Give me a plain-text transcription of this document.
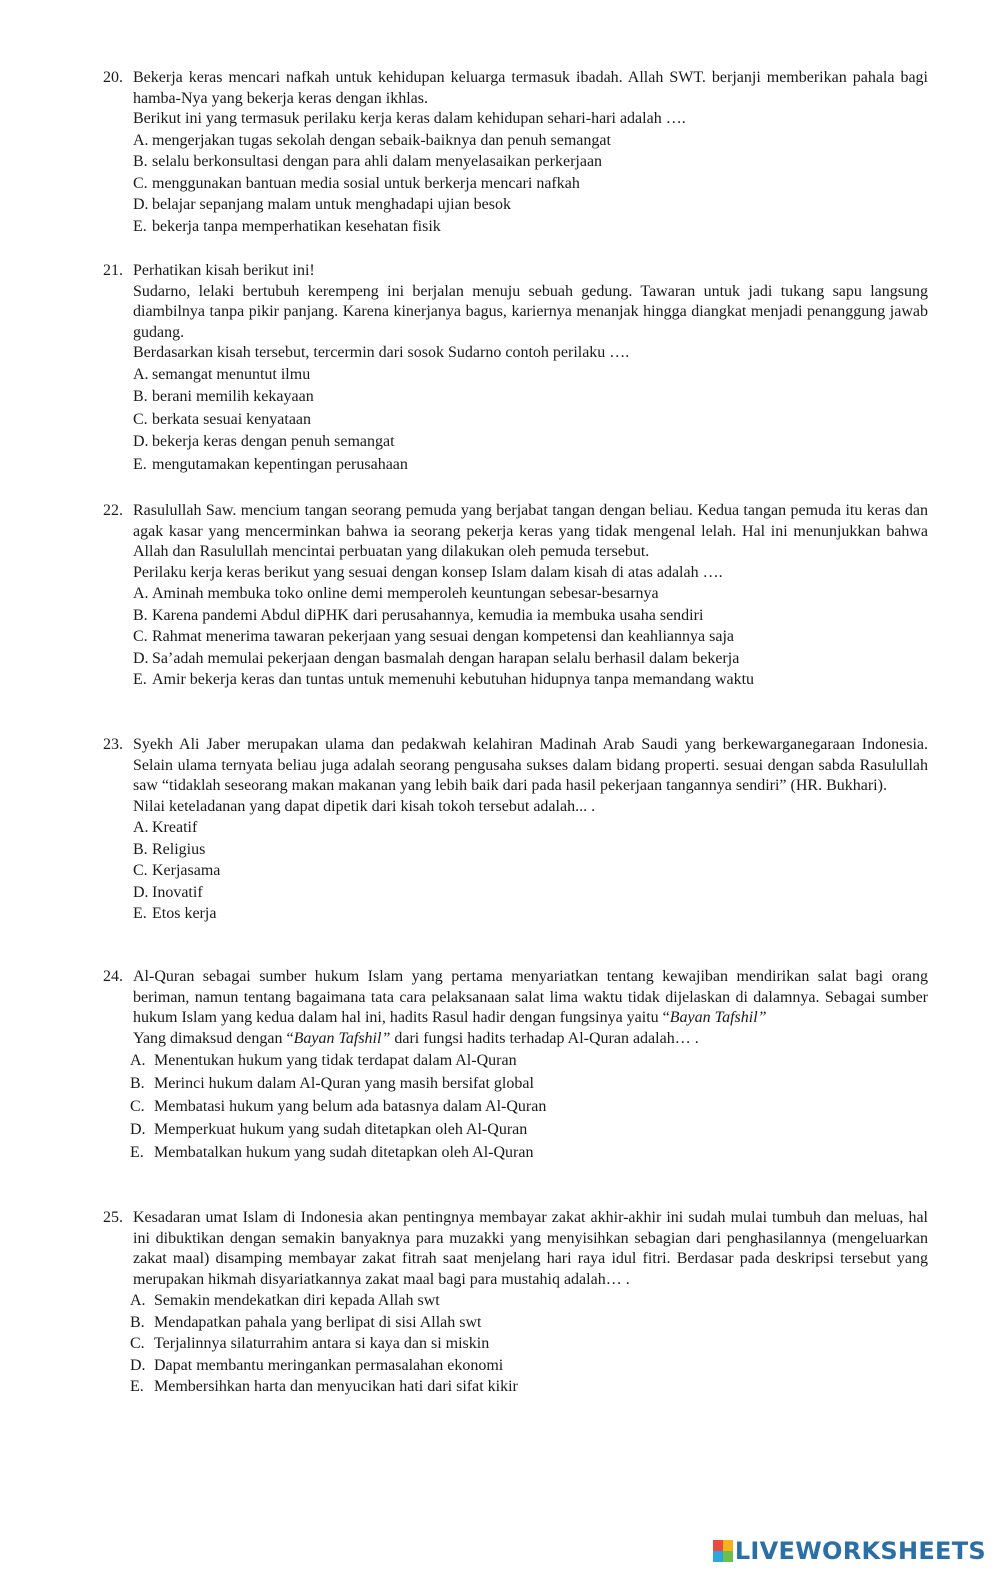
20. Bekerja keras mencari nafkah untuk kehidupan keluarga termasuk ibadah. Allah SWT. berjanji memberikan pahala bagi hamba-Nya yang bekerja keras dengan ikhlas.

Berikut ini yang termasuk perilaku kerja keras dalam kehidupan sehari-hari adalah ….

A. mengerjakan tugas sekolah dengan sebaik-baiknya dan penuh semangat
B. selalu berkonsultasi dengan para ahli dalam menyelasaikan perkerjaan
C. menggunakan bantuan media sosial untuk berkerja mencari nafkah
D. belajar sepanjang malam untuk menghadapi ujian besok
E. bekerja tanpa memperhatikan kesehatan fisik
21. Perhatikan kisah berikut ini!

Sudarno, lelaki bertubuh kerempeng ini berjalan menuju sebuah gedung. Tawaran untuk jadi tukang sapu langsung diambilnya tanpa pikir panjang. Karena kinerjanya bagus, kariernya menanjak hingga diangkat menjadi penanggung jawab gudang.

Berdasarkan kisah tersebut, tercermin dari sosok Sudarno contoh perilaku ….

A. semangat menuntut ilmu
B. berani memilih kekayaan
C. berkata sesuai kenyataan
D. bekerja keras dengan penuh semangat
E. mengutamakan kepentingan perusahaan
22. Rasulullah Saw. mencium tangan seorang pemuda yang berjabat tangan dengan beliau. Kedua tangan pemuda itu keras dan agak kasar yang mencerminkan bahwa ia seorang pekerja keras yang tidak mengenal lelah. Hal ini menunjukkan bahwa Allah dan Rasulullah mencintai perbuatan yang dilakukan oleh pemuda tersebut.

Perilaku kerja keras berikut yang sesuai dengan konsep Islam dalam kisah di atas adalah ….

A. Aminah membuka toko online demi memperoleh keuntungan sebesar-besarnya
B. Karena pandemi Abdul diPHK dari perusahannya, kemudia ia membuka usaha sendiri
C. Rahmat menerima tawaran pekerjaan yang sesuai dengan kompetensi dan keahliannya saja
D. Sa’adah memulai pekerjaan dengan basmalah dengan harapan selalu berhasil dalam bekerja
E. Amir bekerja keras dan tuntas untuk memenuhi kebutuhan hidupnya tanpa memandang waktu
23. Syekh Ali Jaber merupakan ulama dan pedakwah kelahiran Madinah Arab Saudi yang berkewarganegaraan Indonesia. Selain ulama ternyata beliau juga adalah seorang pengusaha sukses dalam bidang properti. sesuai dengan sabda Rasulullah saw “tidaklah seseorang makan makanan yang lebih baik dari pada hasil pekerjaan tangannya sendiri” (HR. Bukhari).

Nilai keteladanan yang dapat dipetik dari kisah tokoh tersebut adalah... .

A. Kreatif
B. Religius
C. Kerjasama
D. Inovatif
E. Etos kerja
24. Al-Quran sebagai sumber hukum Islam yang pertama menyariatkan tentang kewajiban mendirikan salat bagi orang beriman, namun tentang bagaimana tata cara pelaksanaan salat lima waktu tidak dijelaskan di dalamnya. Sebagai sumber hukum Islam yang kedua dalam hal ini, hadits Rasul hadir dengan fungsinya yaitu “Bayan Tafshil”

Yang dimaksud dengan “Bayan Tafshil” dari fungsi hadits terhadap Al-Quran adalah… .

A. Menentukan hukum yang tidak terdapat dalam Al-Quran
B. Merinci hukum dalam Al-Quran yang masih bersifat global
C. Membatasi hukum yang belum ada batasnya dalam Al-Quran
D. Memperkuat hukum yang sudah ditetapkan oleh Al-Quran
E. Membatalkan hukum yang sudah ditetapkan oleh Al-Quran
25. Kesadaran umat Islam di Indonesia akan pentingnya membayar zakat akhir-akhir ini sudah mulai tumbuh dan meluas, hal ini dibuktikan dengan semakin banyaknya para muzakki yang menyisihkan sebagian dari penghasilannya (mengeluarkan zakat maal) disamping membayar zakat fitrah saat menjelang hari raya idul fitri. Berdasar pada deskripsi tersebut yang merupakan hikmah disyariatkannya zakat maal bagi para mustahiq adalah… .

A. Semakin mendekatkan diri kepada Allah swt
B. Mendapatkan pahala yang berlipat di sisi Allah swt
C. Terjalinnya silaturrahim antara si kaya dan si miskin
D. Dapat membantu meringankan permasalahan ekonomi
E. Membersihkan harta dan menyucikan hati dari sifat kikir
LIVEWORKSHEETS
